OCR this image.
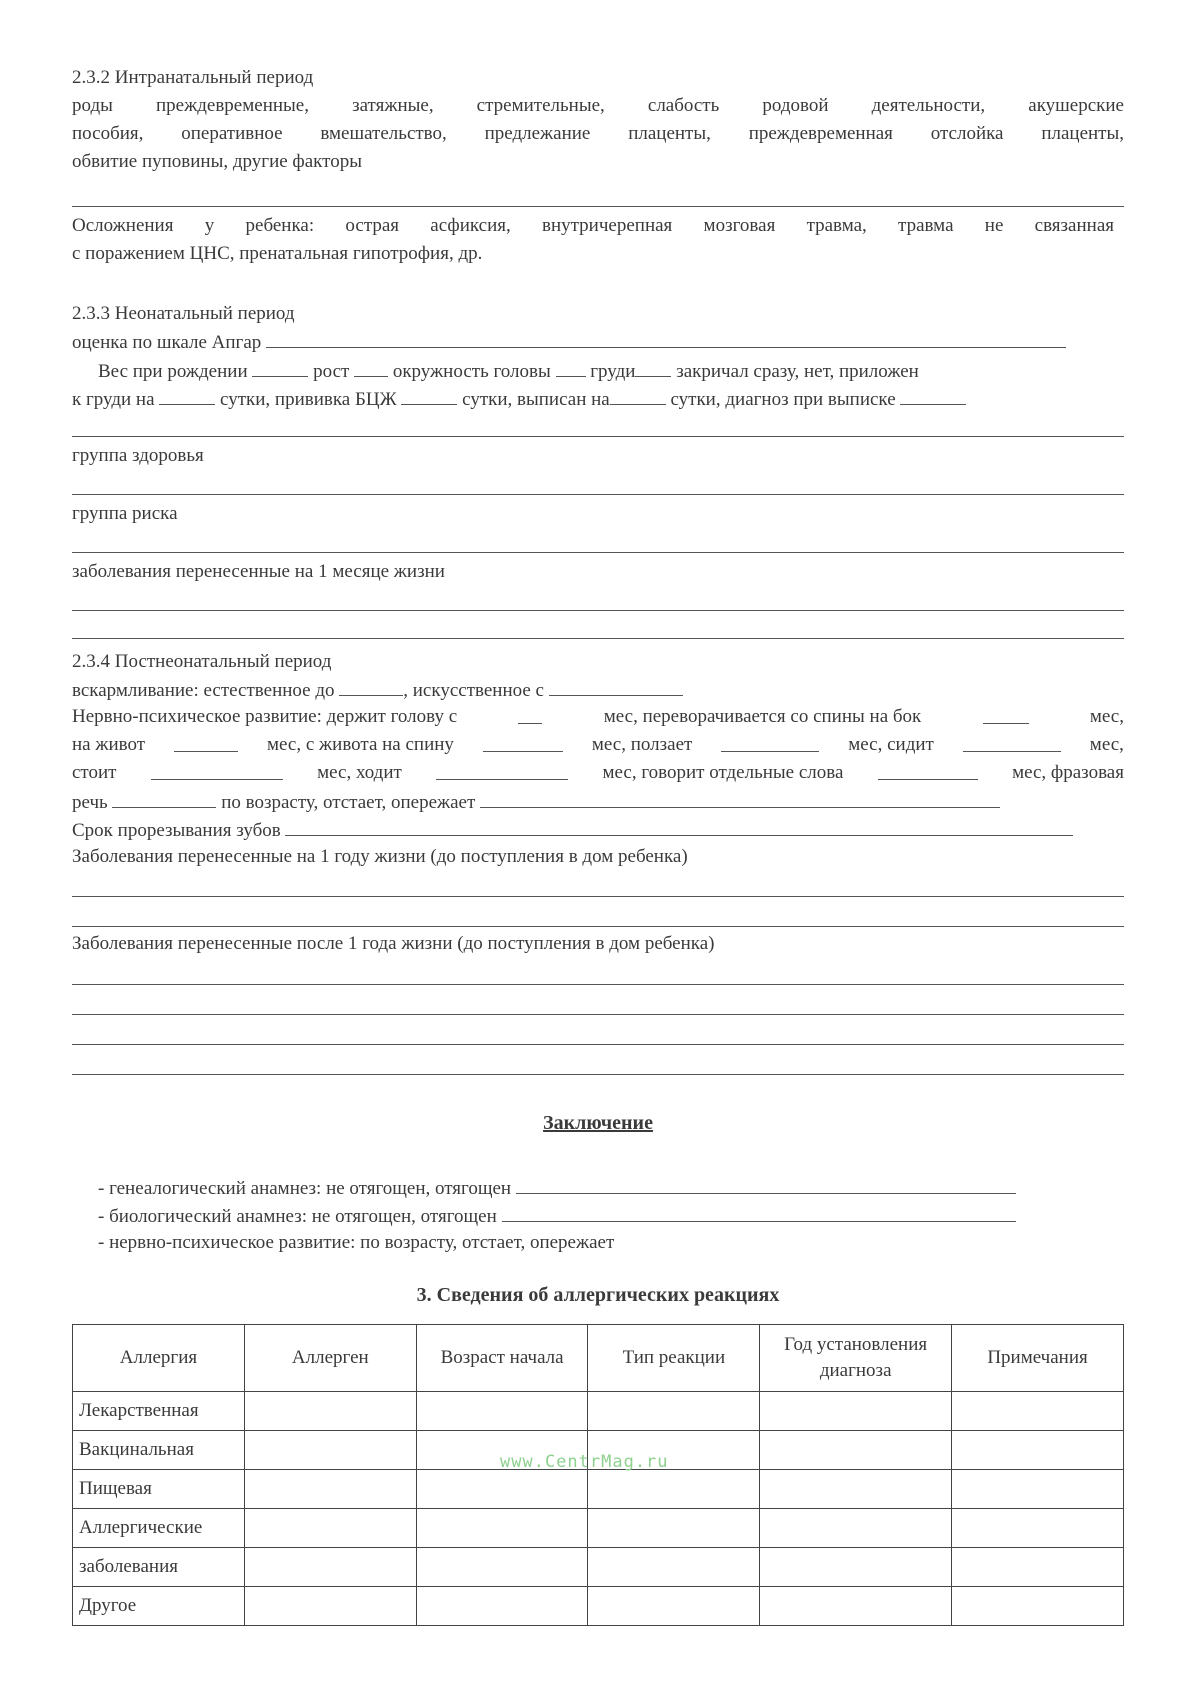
2.3.2 Интранатальный период
роды преждевременные, затяжные, стремительные, слабость родовой деятельности, акушерские
пособия, оперативное вмешательство, предлежание плаценты, преждевременная отслойка плаценты,
обвитие пуповины, другие факторы
Осложнения у ребенка: острая асфиксия, внутричерепная мозговая травма, травма не связанная
с поражением ЦНС, пренатальная гипотрофия, др.
2.3.3 Неонатальный период
оценка по шкале Апгар
Вес при рождении	рост окружность головы груди закричал сразу, нет, приложен
к груди на	сутки, прививка БЦЖ	сутки, выписан на	сутки, диагноз при выписке
группа здоровья
группа риска
заболевания перенесенные на 1 месяце жизни
2.3.4 Постнеонатальный период
вскармливание: естественное до	, искусственное с
Нервно-психическое развитие: держит голову с	мес, переворачивается со спины на бок	мес,
на живот	мес, с живота на спину	мес, ползает	мес, сидит	мес,
стоит	мес, ходит	мес, говорит отдельные слова	мес, фразовая
речь	по возрасту, отстает, опережает
Срок прорезывания зубов
Заболевания перенесенные на 1 году жизни (до поступления в дом ребенка)
Заболевания перенесенные после 1 года жизни (до поступления в дом ребенка)
Заключение
- генеалогический анамнез: не отягощен, отягощен
- биологический анамнез: не отягощен, отягощен
- нервно-психическое развитие: по возрасту, отстает, опережает
3. Сведения об аллергических реакциях
Аллергия	Аллерген	Возраст начала	Тип реакции	Год установления диагноза	Примечания
Лекарственная					
Вакцинальная					
Пищевая					
Аллергические					
заболевания					
Другое					
www.CentrMag.ru
